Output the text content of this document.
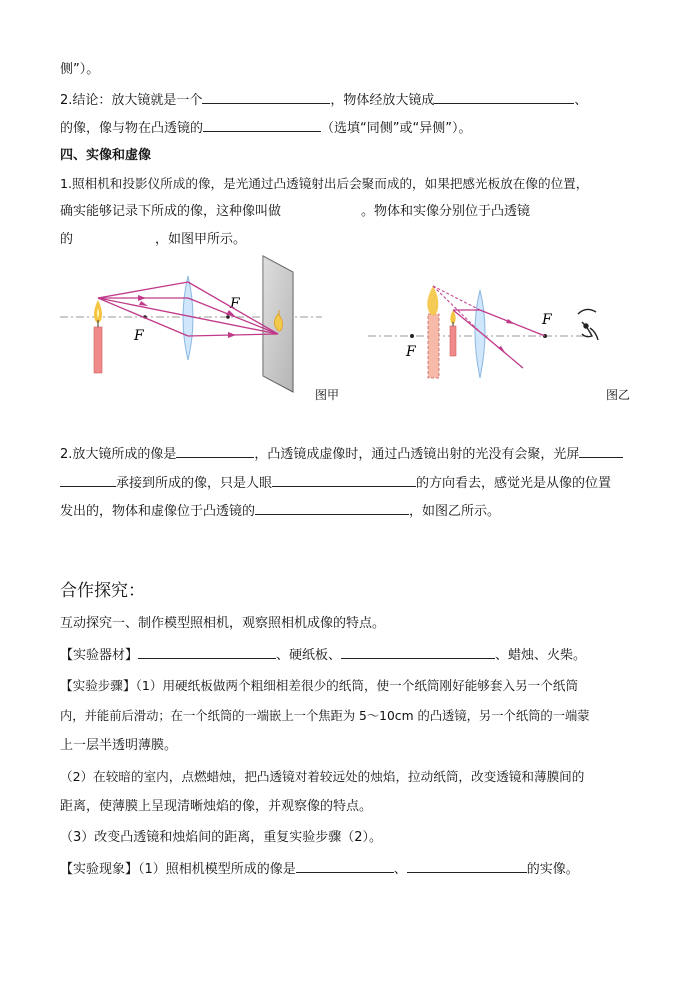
侧”）。
2.结论：放大镜就是一个	，物体经放大镜成	、
的像，像与物在凸透镜的	（选填“同侧”或“异侧”）。
四、实像和虚像
1.照相机和投影仪所成的像，是光通过凸透镜射出后会聚而成的，如果把感光板放在像的位置，
确实能够记录下所成的像，这种像叫做	。物体和实像分别位于凸透镜
的	，如图甲所示。
F
F
图甲
F
F
图乙
2.放大镜所成的像是	，凸透镜成虚像时，通过凸透镜出射的光没有会聚，光屏
承接到所成的像，只是人眼	的方向看去，感觉光是从像的位置
发出的，物体和虚像位于凸透镜的	，如图乙所示。
合作探究：
互动探究一、制作模型照相机，观察照相机成像的特点。
【实验器材】	、硬纸板、	、蜡烛、火柴。
【实验步骤】（1）用硬纸板做两个粗细相差很少的纸筒，使一个纸筒刚好能够套入另一个纸筒
内，并能前后滑动；在一个纸筒的一端嵌上一个焦距为 5～10cm 的凸透镜，另一个纸筒的一端蒙
上一层半透明薄膜。
（2）在较暗的室内，点燃蜡烛，把凸透镜对着较远处的烛焰，拉动纸筒，改变透镜和薄膜间的
距离，使薄膜上呈现清晰烛焰的像，并观察像的特点。
（3）改变凸透镜和烛焰间的距离，重复实验步骤（2）。
【实验现象】（1）照相机模型所成的像是	、	的实像。
